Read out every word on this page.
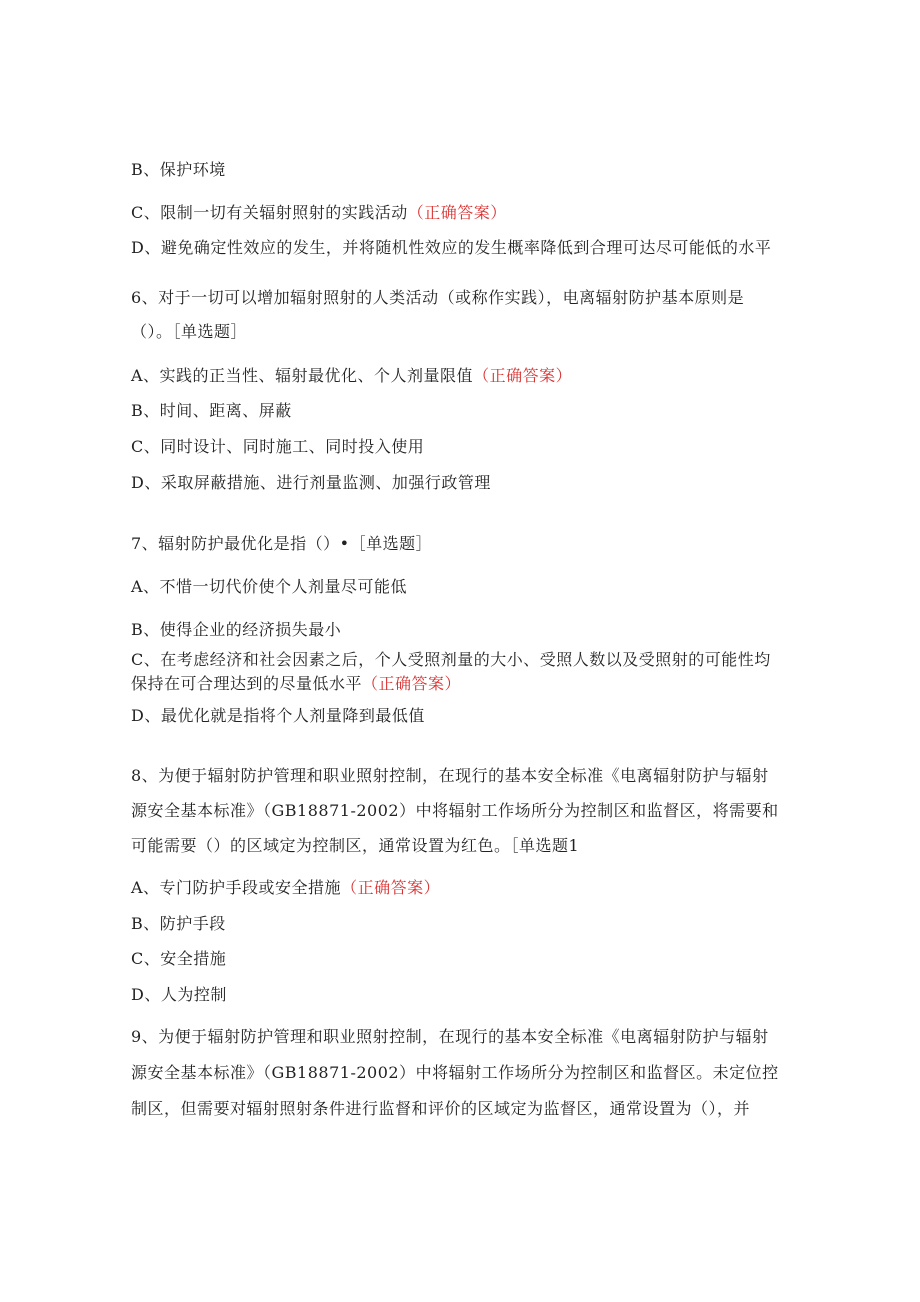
B、保护环境
C、限制一切有关辐射照射的实践活动（正确答案）
D、避免确定性效应的发生，并将随机性效应的发生概率降低到合理可达尽可能低的水平
6、对于一切可以增加辐射照射的人类活动（或称作实践），电离辐射防护基本原则是
（）。［单选题］
A、实践的正当性、辐射最优化、个人剂量限值（正确答案）
B、时间、距离、屏蔽
C、同时设计、同时施工、同时投入使用
D、采取屏蔽措施、进行剂量监测、加强行政管理
7、辐射防护最优化是指（）•［单选题］
A、不惜一切代价使个人剂量尽可能低
B、使得企业的经济损失最小
C、在考虑经济和社会因素之后，个人受照剂量的大小、受照人数以及受照射的可能性均
保持在可合理达到的尽量低水平（正确答案）
D、最优化就是指将个人剂量降到最低值
8、为便于辐射防护管理和职业照射控制，在现行的基本安全标准《电离辐射防护与辐射
源安全基本标准》（GB18871-2002）中将辐射工作场所分为控制区和监督区，将需要和
可能需要（）的区域定为控制区，通常设置为红色。［单选题1
A、专门防护手段或安全措施（正确答案）
B、防护手段
C、安全措施
D、人为控制
9、为便于辐射防护管理和职业照射控制，在现行的基本安全标准《电离辐射防护与辐射
源安全基本标准》（GB18871-2002）中将辐射工作场所分为控制区和监督区。未定位控
制区，但需要对辐射照射条件进行监督和评价的区域定为监督区，通常设置为（），并
